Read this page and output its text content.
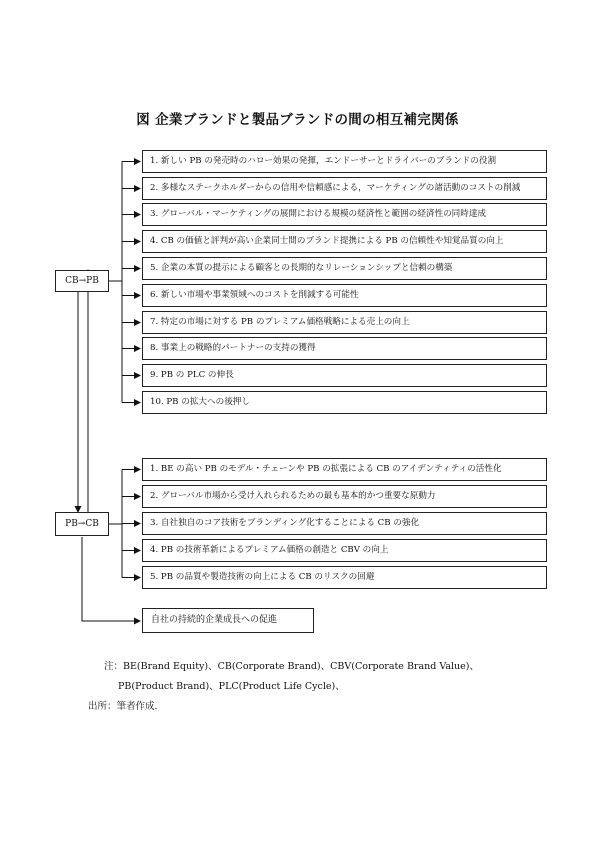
図 企業ブランドと製品ブランドの間の相互補完関係
CB→PB
PB→CB
1. 新しい PB の発売時のハロー効果の発揮，エンドーサーとドライバーのブランドの役割
2. 多様なステークホルダーからの信用や信頼感による，マーケティングの諸活動のコストの削減
3. グローバル・マーケティングの展開における規模の経済性と範囲の経済性の同時達成
4. CB の価値と評判が高い企業同士間のブランド提携による PB の信頼性や知覚品質の向上
5. 企業の本質の提示による顧客との長期的なリレーションシップと信頼の構築
6. 新しい市場や事業領域へのコストを削減する可能性
7. 特定の市場に対する PB のプレミアム価格戦略による売上の向上
8. 事業上の戦略的パートナーの支持の獲得
9. PB の PLC の伸長
10. PB の拡大への後押し
1. BE の高い PB のモデル・チェーンや PB の拡張による CB のアイデンティティの活性化
2. グローバル市場から受け入れられるための最も基本的かつ重要な原動力
3. 自社独自のコア技術をブランディング化することによる CB の強化
4. PB の技術革新によるプレミアム価格の創造と CBV の向上
5. PB の品質や製造技術の向上による CB のリスクの回避
自社の持続的企業成長への促進
注：BE(Brand Equity)、CB(Corporate Brand)、CBV(Corporate Brand Value)、
PB(Product Brand)、PLC(Product Life Cycle)、
出所：筆者作成.
